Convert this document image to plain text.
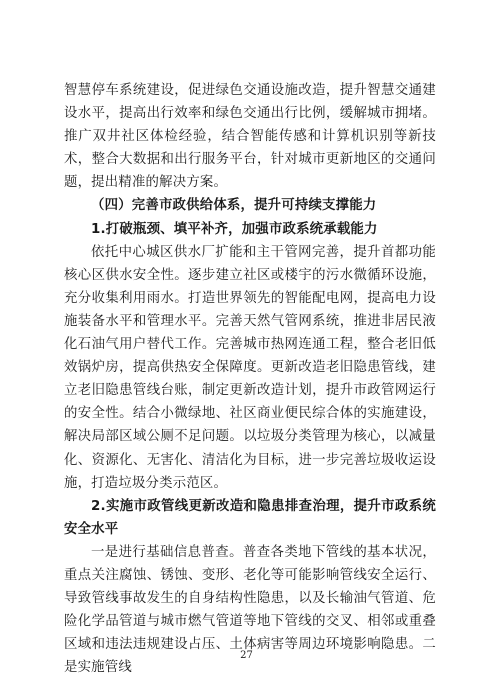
智慧停车系统建设，促进绿色交通设施改造，提升智慧交通建设水平，提高出行效率和绿色交通出行比例，缓解城市拥堵。推广双井社区体检经验，结合智能传感和计算机识别等新技术，整合大数据和出行服务平台，针对城市更新地区的交通问题，提出精准的解决方案。

（四）完善市政供给体系，提升可持续支撑能力

1.打破瓶颈、填平补齐，加强市政系统承载能力

依托中心城区供水厂扩能和主干管网完善，提升首都功能核心区供水安全性。逐步建立社区或楼宇的污水微循环设施，充分收集利用雨水。打造世界领先的智能配电网，提高电力设施装备水平和管理水平。完善天然气管网系统，推进非居民液化石油气用户替代工作。完善城市热网连通工程，整合老旧低效锅炉房，提高供热安全保障度。更新改造老旧隐患管线，建立老旧隐患管线台账，制定更新改造计划，提升市政管网运行的安全性。结合小微绿地、社区商业便民综合体的实施建设，解决局部区域公厕不足问题。以垃圾分类管理为核心，以减量化、资源化、无害化、清洁化为目标，进一步完善垃圾收运设施，打造垃圾分类示范区。

2.实施市政管线更新改造和隐患排查治理，提升市政系统安全水平

一是进行基础信息普查。普查各类地下管线的基本状况，重点关注腐蚀、锈蚀、变形、老化等可能影响管线安全运行、导致管线事故发生的自身结构性隐患，以及长输油气管道、危险化学品管道与城市燃气管道等地下管线的交叉、相邻或重叠区域和违法违规建设占压、土体病害等周边环境影响隐患。二是实施管线

27
